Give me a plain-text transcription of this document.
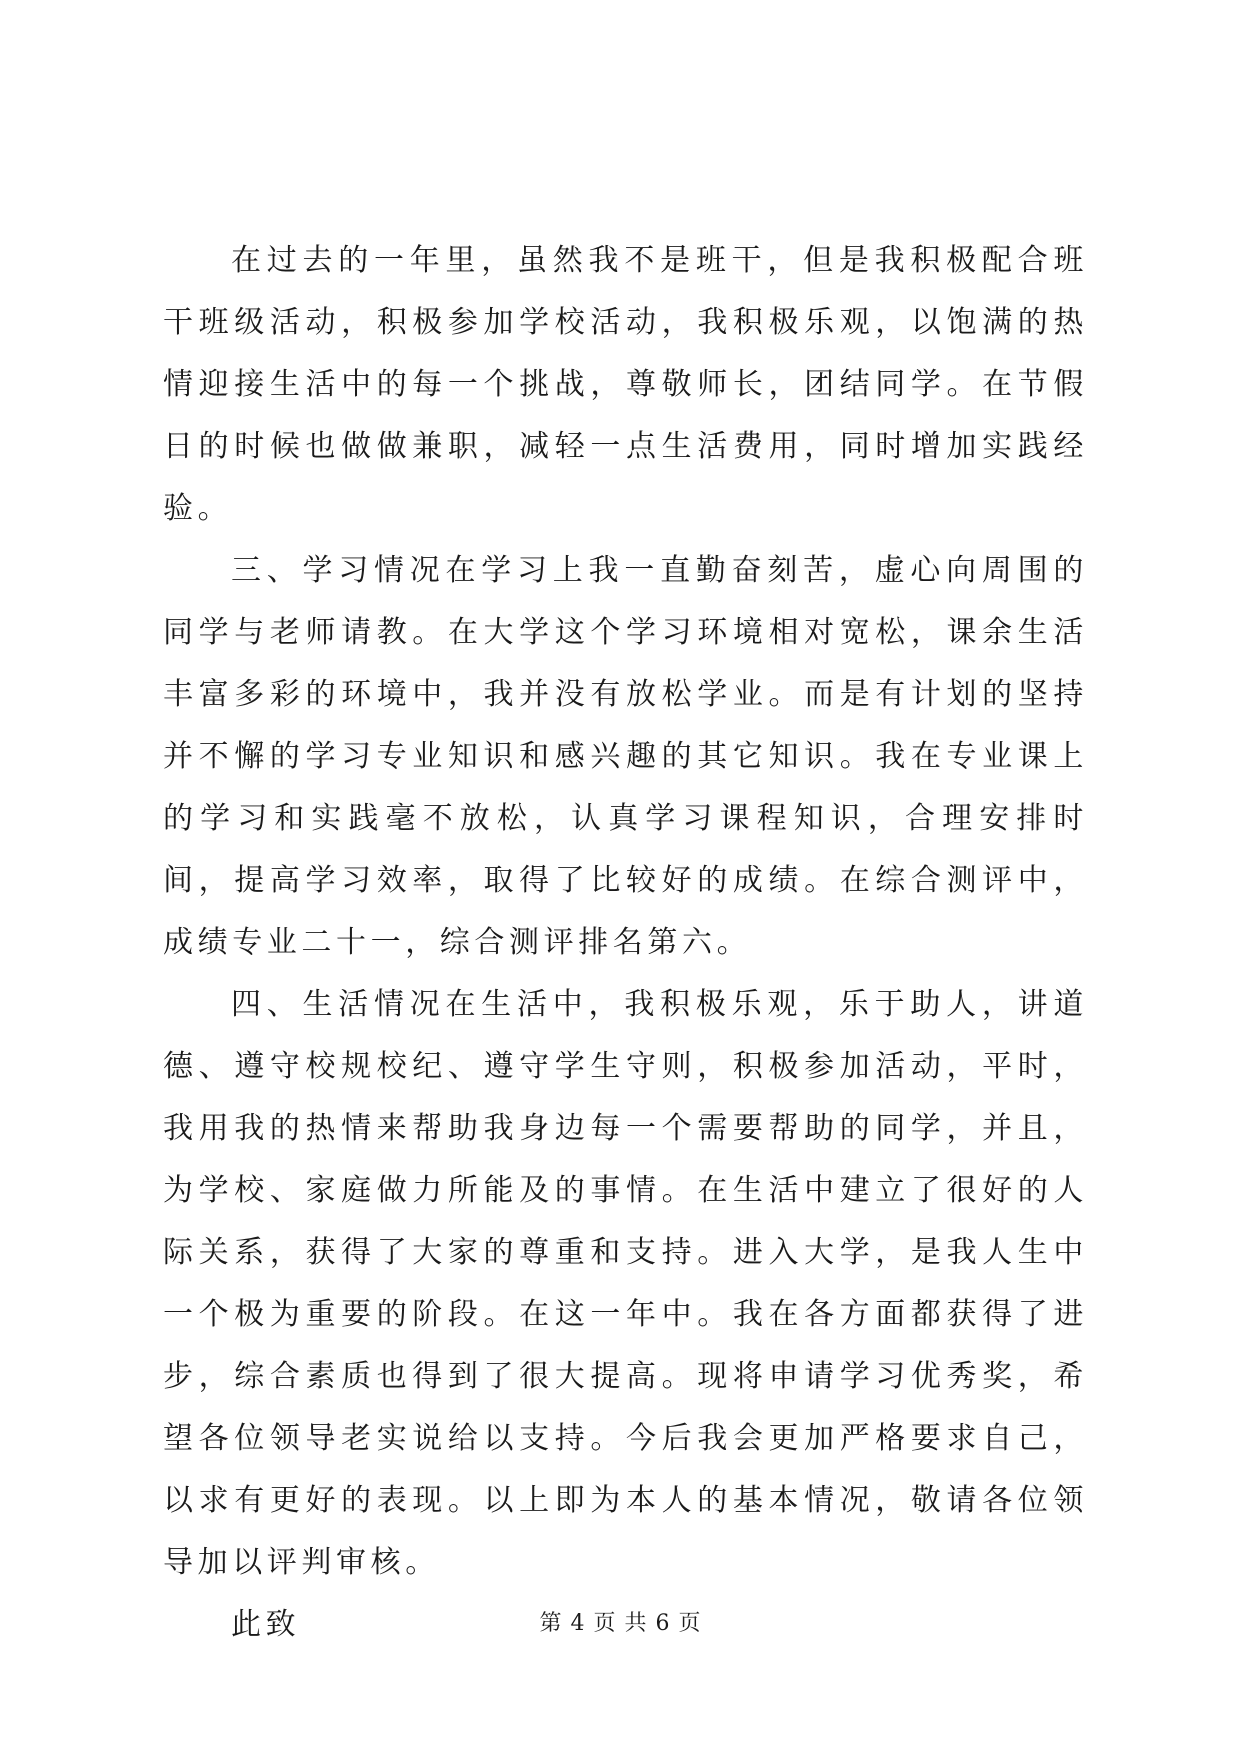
在过去的一年里，虽然我不是班干，但是我积极配合班干班级活动，积极参加学校活动，我积极乐观，以饱满的热情迎接生活中的每一个挑战，尊敬师长，团结同学。在节假日的时候也做做兼职，减轻一点生活费用，同时增加实践经验。

三、学习情况在学习上我一直勤奋刻苦，虚心向周围的同学与老师请教。在大学这个学习环境相对宽松，课余生活丰富多彩的环境中，我并没有放松学业。而是有计划的坚持并不懈的学习专业知识和感兴趣的其它知识。我在专业课上的学习和实践毫不放松，认真学习课程知识，合理安排时间，提高学习效率，取得了比较好的成绩。在综合测评中，成绩专业二十一，综合测评排名第六。

四、生活情况在生活中，我积极乐观，乐于助人，讲道德、遵守校规校纪、遵守学生守则，积极参加活动，平时，我用我的热情来帮助我身边每一个需要帮助的同学，并且，为学校、家庭做力所能及的事情。在生活中建立了很好的人际关系，获得了大家的尊重和支持。进入大学，是我人生中一个极为重要的阶段。在这一年中。我在各方面都获得了进步，综合素质也得到了很大提高。现将申请学习优秀奖，希望各位领导老实说给以支持。今后我会更加严格要求自己，以求有更好的表现。以上即为本人的基本情况，敬请各位领导加以评判审核。

此致	第 4 页 共 6 页
